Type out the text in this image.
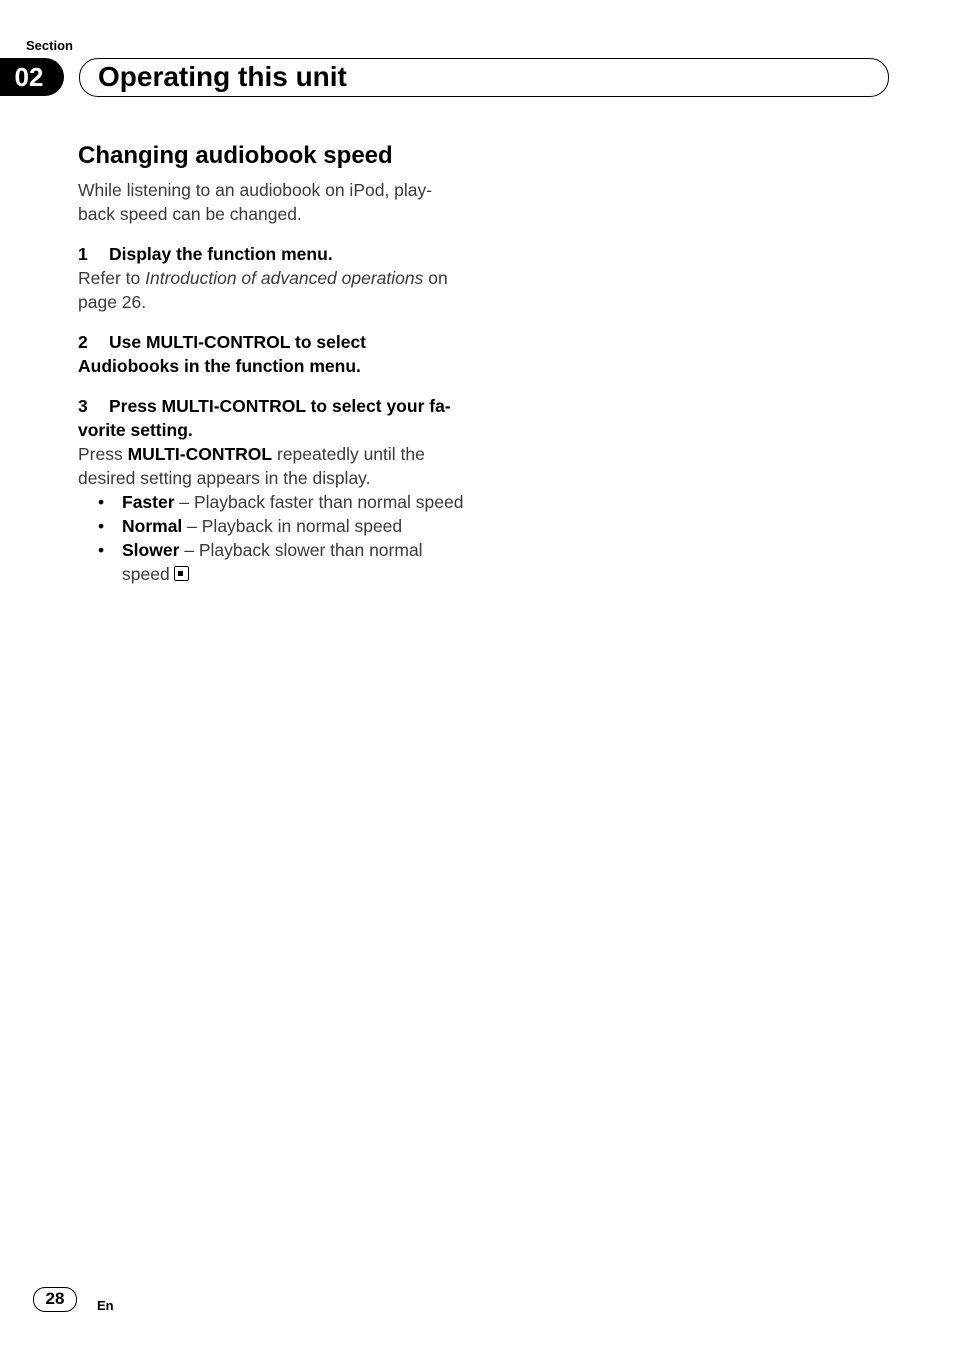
Section
02	Operating this unit
Changing audiobook speed

While listening to an audiobook on iPod, play-back speed can be changed.

1 Display the function menu.

Refer to Introduction of advanced operations on page 26.

2 Use MULTI-CONTROL to select Audiobooks in the function menu.
3 Press MULTI-CONTROL to select your fa-vorite setting.

Press MULTI-CONTROL repeatedly until the desired setting appears in the display.

• Faster – Playback faster than normal speed
• Normal – Playback in normal speed
• Slower – Playback slower than normal speed
28	En
